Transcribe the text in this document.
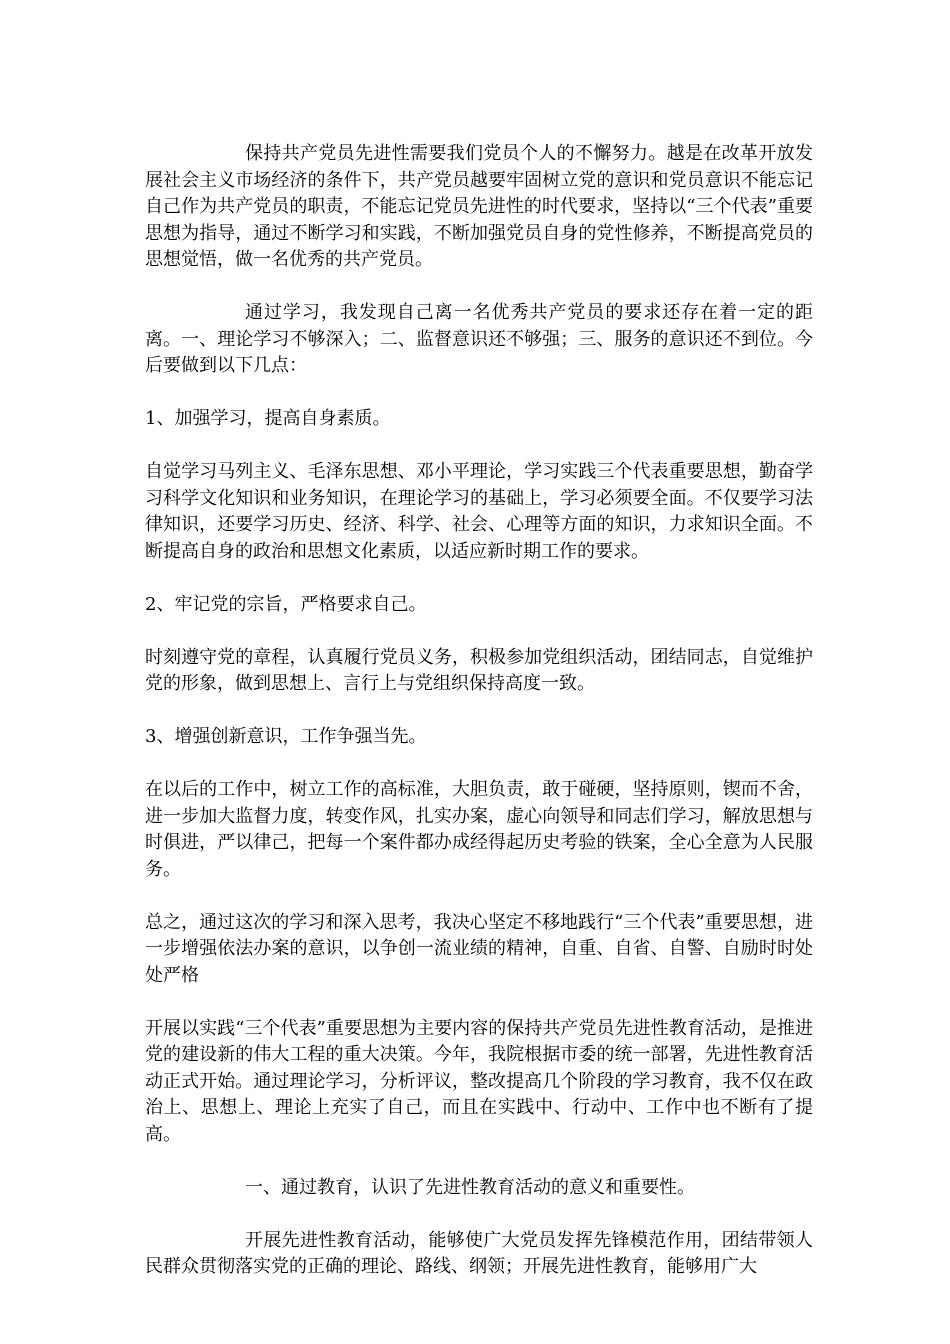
保持共产党员先进性需要我们党员个人的不懈努力。越是在改革开放发展社会主义市场经济的条件下，共产党员越要牢固树立党的意识和党员意识不能忘记自己作为共产党员的职责，不能忘记党员先进性的时代要求，坚持以“三个代表”重要思想为指导，通过不断学习和实践，不断加强党员自身的党性修养，不断提高党员的思想觉悟，做一名优秀的共产党员。

通过学习，我发现自己离一名优秀共产党员的要求还存在着一定的距离。一、理论学习不够深入；二、监督意识还不够强；三、服务的意识还不到位。今后要做到以下几点：

1、加强学习，提高自身素质。

自觉学习马列主义、毛泽东思想、邓小平理论，学习实践三个代表重要思想，勤奋学习科学文化知识和业务知识，在理论学习的基础上，学习必须要全面。不仅要学习法律知识，还要学习历史、经济、科学、社会、心理等方面的知识，力求知识全面。不断提高自身的政治和思想文化素质，以适应新时期工作的要求。

2、牢记党的宗旨，严格要求自己。

时刻遵守党的章程，认真履行党员义务，积极参加党组织活动，团结同志，自觉维护党的形象，做到思想上、言行上与党组织保持高度一致。

3、增强创新意识，工作争强当先。

在以后的工作中，树立工作的高标准，大胆负责，敢于碰硬，坚持原则，锲而不舍，进一步加大监督力度，转变作风，扎实办案，虚心向领导和同志们学习，解放思想与时俱进，严以律己，把每一个案件都办成经得起历史考验的铁案，全心全意为人民服务。

总之，通过这次的学习和深入思考，我决心坚定不移地践行“三个代表”重要思想，进一步增强依法办案的意识，以争创一流业绩的精神，自重、自省、自警、自励时时处处严格

开展以实践“三个代表”重要思想为主要内容的保持共产党员先进性教育活动，是推进党的建设新的伟大工程的重大决策。今年，我院根据市委的统一部署，先进性教育活动正式开始。通过理论学习，分析评议，整改提高几个阶段的学习教育，我不仅在政治上、思想上、理论上充实了自己，而且在实践中、行动中、工作中也不断有了提高。

一、通过教育，认识了先进性教育活动的意义和重要性。

开展先进性教育活动，能够使广大党员发挥先锋模范作用，团结带领人民群众贯彻落实党的正确的理论、路线、纲领；开展先进性教育，能够用广大
